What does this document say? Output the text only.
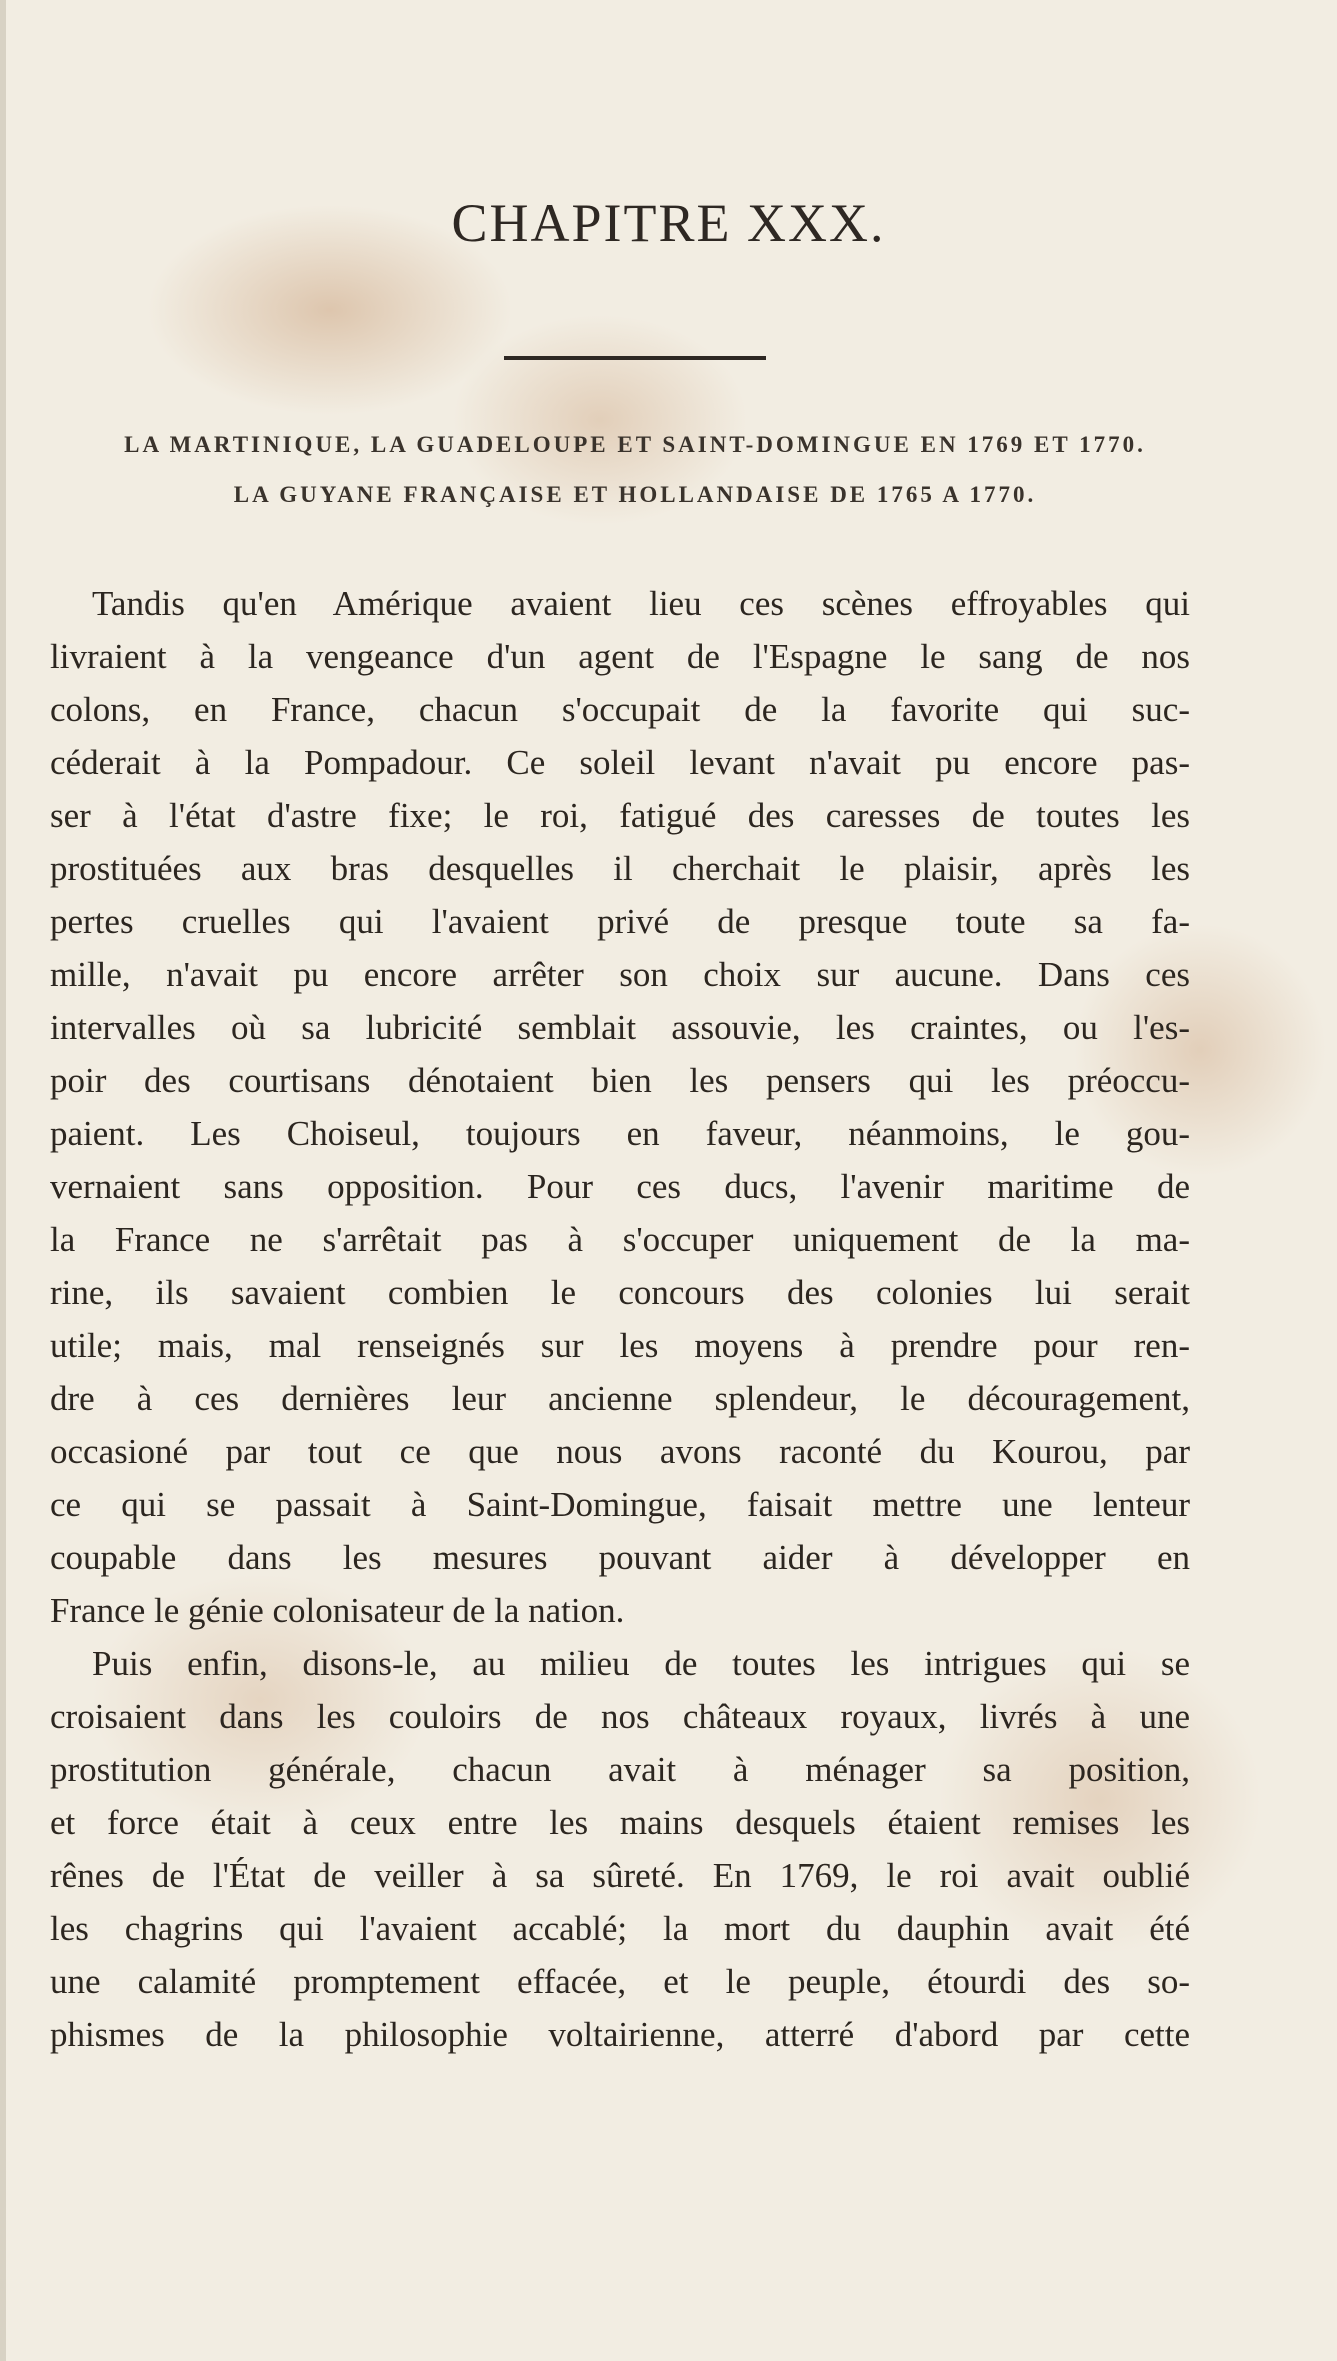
CHAPITRE XXX.
LA MARTINIQUE, LA GUADELOUPE ET SAINT-DOMINGUE EN 1769 ET 1770.
LA GUYANE FRANÇAISE ET HOLLANDAISE DE 1765 A 1770.
Tandis qu'en Amérique avaient lieu ces scènes effroyables qui
livraient à la vengeance d'un agent de l'Espagne le sang de nos
colons, en France, chacun s'occupait de la favorite qui suc-
céderait à la Pompadour. Ce soleil levant n'avait pu encore pas-
ser à l'état d'astre fixe; le roi, fatigué des caresses de toutes les
prostituées aux bras desquelles il cherchait le plaisir, après les
pertes cruelles qui l'avaient privé de presque toute sa fa-
mille, n'avait pu encore arrêter son choix sur aucune. Dans ces
intervalles où sa lubricité semblait assouvie, les craintes, ou l'es-
poir des courtisans dénotaient bien les pensers qui les préoccu-
paient. Les Choiseul, toujours en faveur, néanmoins, le gou-
vernaient sans opposition. Pour ces ducs, l'avenir maritime de
la France ne s'arrêtait pas à s'occuper uniquement de la ma-
rine, ils savaient combien le concours des colonies lui serait
utile; mais, mal renseignés sur les moyens à prendre pour ren-
dre à ces dernières leur ancienne splendeur, le découragement,
occasioné par tout ce que nous avons raconté du Kourou, par
ce qui se passait à Saint-Domingue, faisait mettre une lenteur
coupable dans les mesures pouvant aider à développer en
France le génie colonisateur de la nation.
Puis enfin, disons-le, au milieu de toutes les intrigues qui se
croisaient dans les couloirs de nos châteaux royaux, livrés à une
prostitution générale, chacun avait à ménager sa position,
et force était à ceux entre les mains desquels étaient remises les
rênes de l'État de veiller à sa sûreté. En 1769, le roi avait oublié
les chagrins qui l'avaient accablé; la mort du dauphin avait été
une calamité promptement effacée, et le peuple, étourdi des so-
phismes de la philosophie voltairienne, atterré d'abord par cette
